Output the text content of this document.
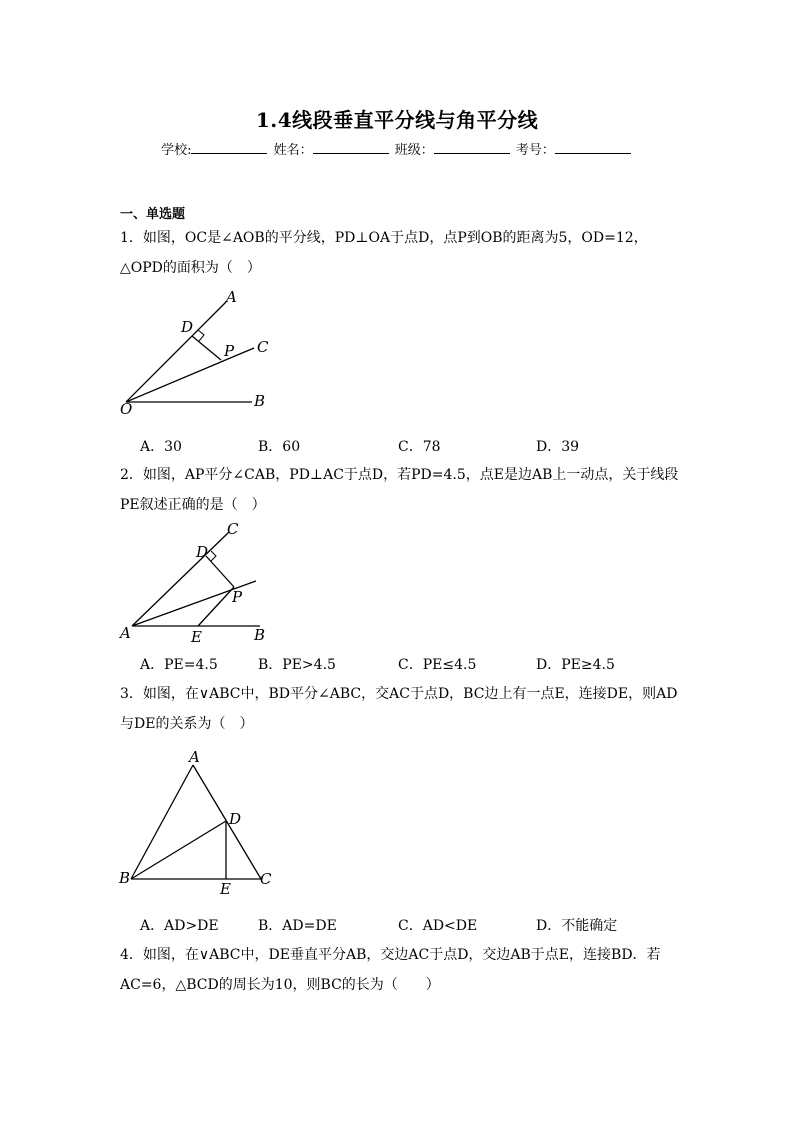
1.4线段垂直平分线与角平分线
学校:	姓名：	班级：	考号：
一、单选题
1．如图，OC是∠AOB的平分线，PD⊥OA于点D，点P到OB的距离为5，OD=12，△OPD的面积为（　）
A
D
P C
O	B
A．30	B．60	C．78	D．39
2．如图，AP平分∠CAB，PD⊥AC于点D，若PD=4.5，点E是边AB上一动点，关于线段PE叙述正确的是（　）
C
D
P
A	E	B
A．PE=4.5	B．PE>4.5	C．PE≤4.5	D．PE≥4.5
3．如图，在∨ABC中，BD平分∠ABC，交AC于点D，BC边上有一点E，连接DE，则AD与DE的关系为（　）
A
D
B
E
C
A．AD>DE	B．AD=DE	C．AD<DE	D．不能确定
4．如图，在∨ABC中，DE垂直平分AB，交边AC于点D，交边AB于点E，连接BD．若AC=6，△BCD的周长为10，则BC的长为（　　）
